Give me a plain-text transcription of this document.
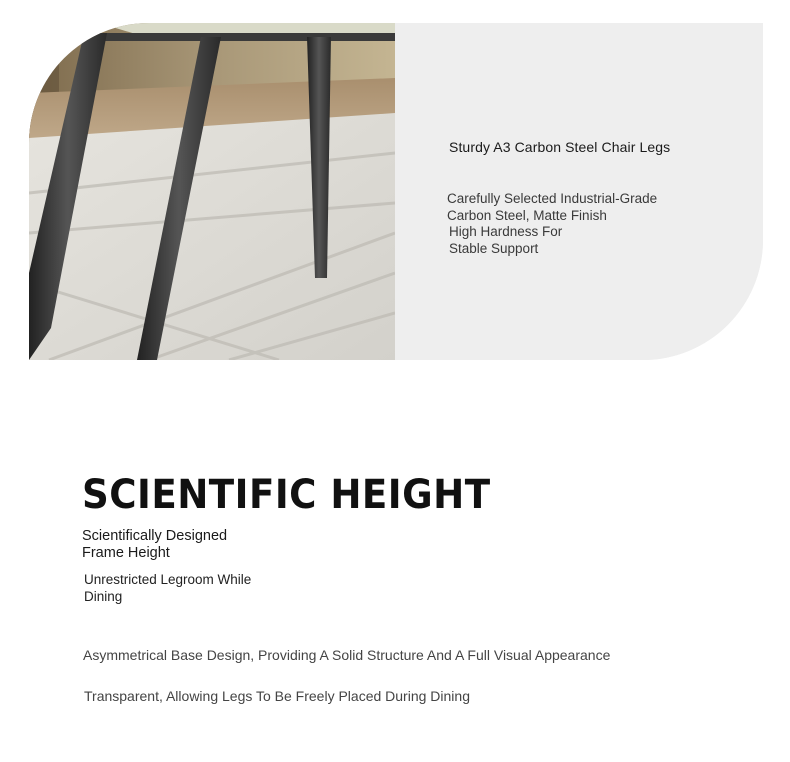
Sturdy A3 Carbon Steel Chair Legs
Carefully Selected Industrial-Grade
Carbon Steel, Matte Finish
High Hardness For
Stable Support
SCIENTIFIC HEIGHT
Scientifically Designed
Frame Height
Unrestricted Legroom While
Dining
Asymmetrical Base Design, Providing A Solid Structure And A Full Visual Appearance
Transparent, Allowing Legs To Be Freely Placed During Dining
